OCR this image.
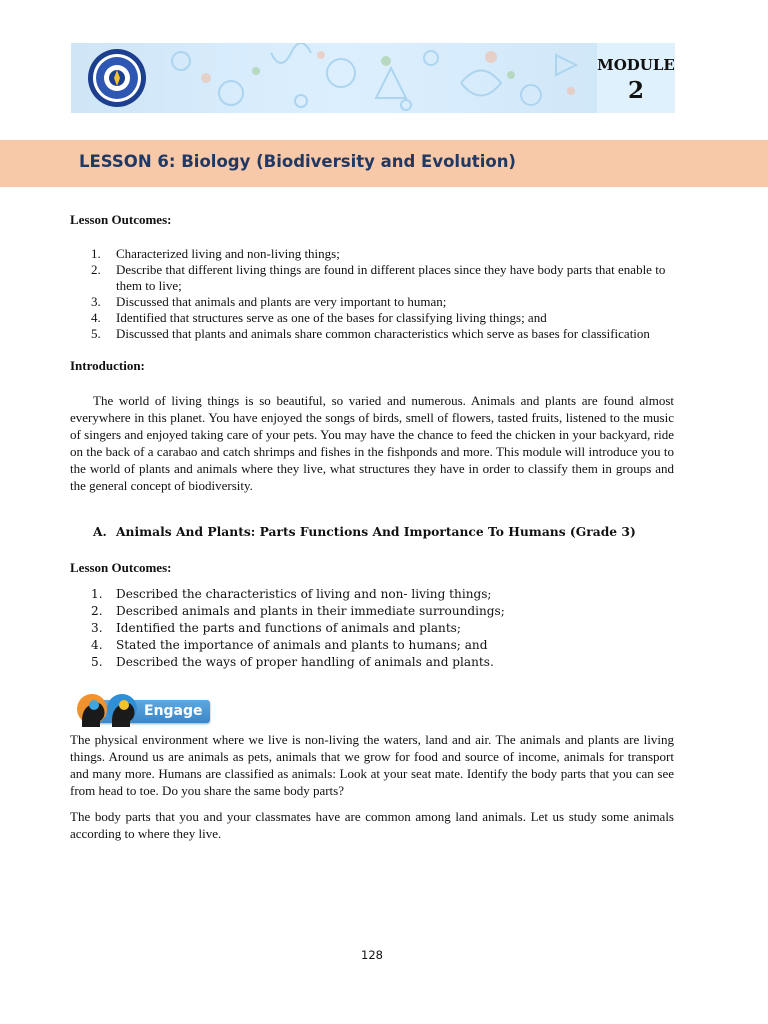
MODULE
2
LESSON 6: Biology (Biodiversity and Evolution)

Lesson Outcomes:

Characterized living and non-living things;
Describe that different living things are found in different places since they have body parts that enable to them to live;
Discussed that animals and plants are very important to human;
Identified that structures serve as one of the bases for classifying living things; and
Discussed that plants and animals share common characteristics which serve as bases for classification

Introduction:

The world of living things is so beautiful, so varied and numerous. Animals and plants are found almost everywhere in this planet. You have enjoyed the songs of birds, smell of flowers, tasted fruits, listened to the music of singers and enjoyed taking care of your pets. You may have the chance to feed the chicken in your backyard, ride on the back of a carabao and catch shrimps and fishes in the fishponds and more. This module will introduce you to the world of plants and animals where they live, what structures they have in order to classify them in groups and the general concept of biodiversity.

A. Animals And Plants: Parts Functions And Importance To Humans (Grade 3)

Lesson Outcomes:

Described the characteristics of living and non- living things;
Described animals and plants in their immediate surroundings;
Identified the parts and functions of animals and plants;
Stated the importance of animals and plants to humans; and
Described the ways of proper handling of animals and plants.
Engage

The physical environment where we live is non-living the waters, land and air. The animals and plants are living things. Around us are animals as pets, animals that we grow for food and source of income, animals for transport and many more. Humans are classified as animals: Look at your seat mate. Identify the body parts that you can see from head to toe. Do you share the same body parts?

The body parts that you and your classmates have are common among land animals. Let us study some animals according to where they live.

128
